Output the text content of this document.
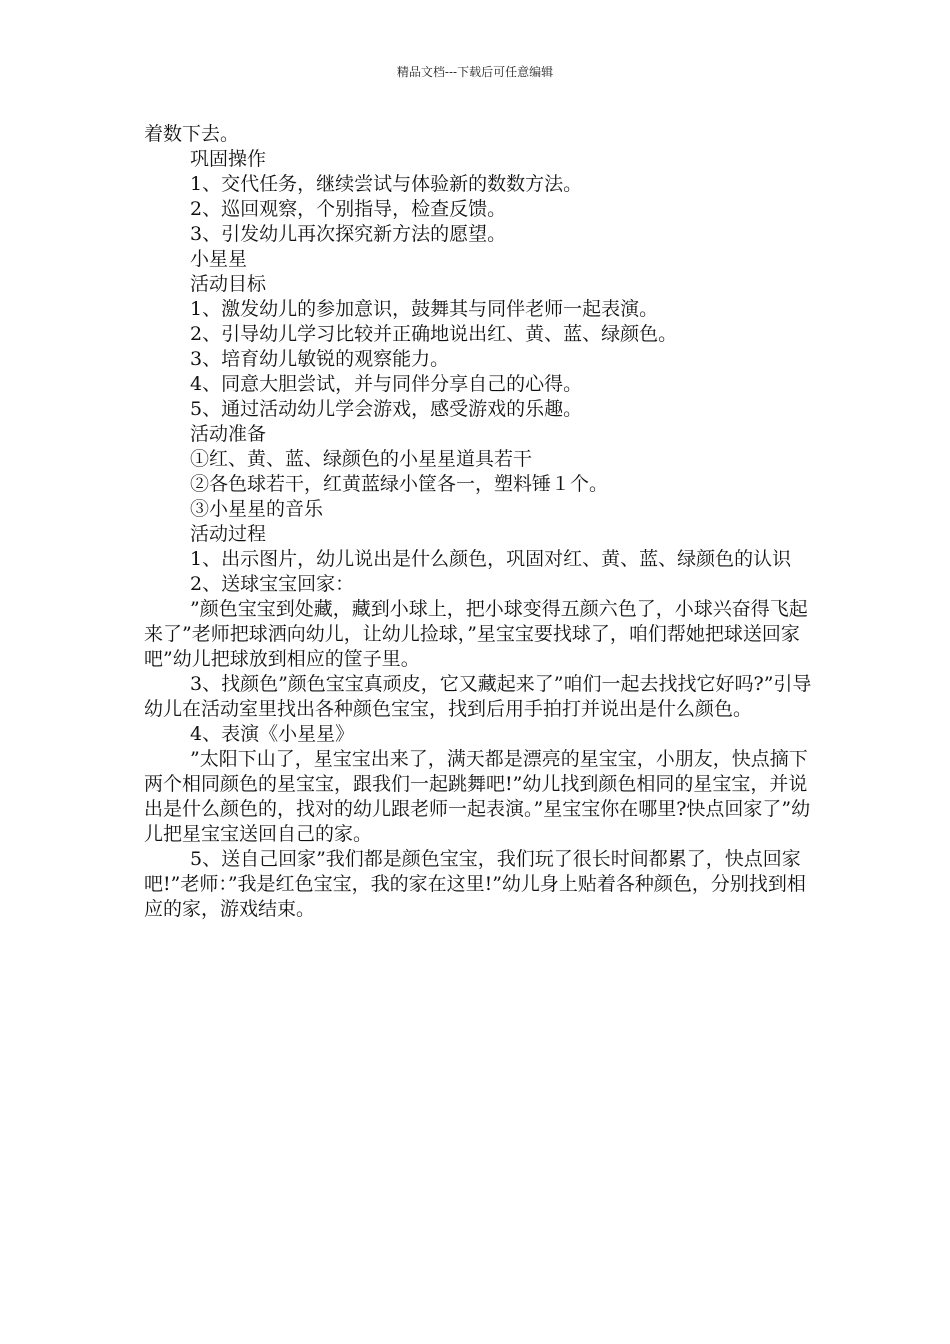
精品文档---下载后可任意编辑

着数下去。

巩固操作

1、交代任务，继续尝试与体验新的数数方法。

2、巡回观察，个别指导，检查反馈。

3、引发幼儿再次探究新方法的愿望。

小星星

活动目标

1、激发幼儿的参加意识，鼓舞其与同伴老师一起表演。

2、引导幼儿学习比较并正确地说出红、黄、蓝、绿颜色。

3、培育幼儿敏锐的观察能力。

4、同意大胆尝试，并与同伴分享自己的心得。

5、通过活动幼儿学会游戏，感受游戏的乐趣。

活动准备

①红、黄、蓝、绿颜色的小星星道具若干

②各色球若干，红黄蓝绿小筐各一，塑料锤１个。

③小星星的音乐

活动过程

1、出示图片，幼儿说出是什么颜色，巩固对红、黄、蓝、绿颜色的认识

2、送球宝宝回家：

”颜色宝宝到处藏，藏到小球上，把小球变得五颜六色了，小球兴奋得飞起来了”老师把球洒向幼儿，让幼儿捡球，”星宝宝要找球了，咱们帮她把球送回家吧”幼儿把球放到相应的筐子里。

3、找颜色”颜色宝宝真顽皮，它又藏起来了”咱们一起去找找它好吗?”引导幼儿在活动室里找出各种颜色宝宝，找到后用手拍打并说出是什么颜色。

4、表演《小星星》

”太阳下山了，星宝宝出来了，满天都是漂亮的星宝宝，小朋友，快点摘下两个相同颜色的星宝宝，跟我们一起跳舞吧!”幼儿找到颜色相同的星宝宝，并说出是什么颜色的，找对的幼儿跟老师一起表演。”星宝宝你在哪里?快点回家了”幼儿把星宝宝送回自己的家。

5、送自己回家”我们都是颜色宝宝，我们玩了很长时间都累了，快点回家吧!”老师：”我是红色宝宝，我的家在这里!”幼儿身上贴着各种颜色，分别找到相应的家，游戏结束。
